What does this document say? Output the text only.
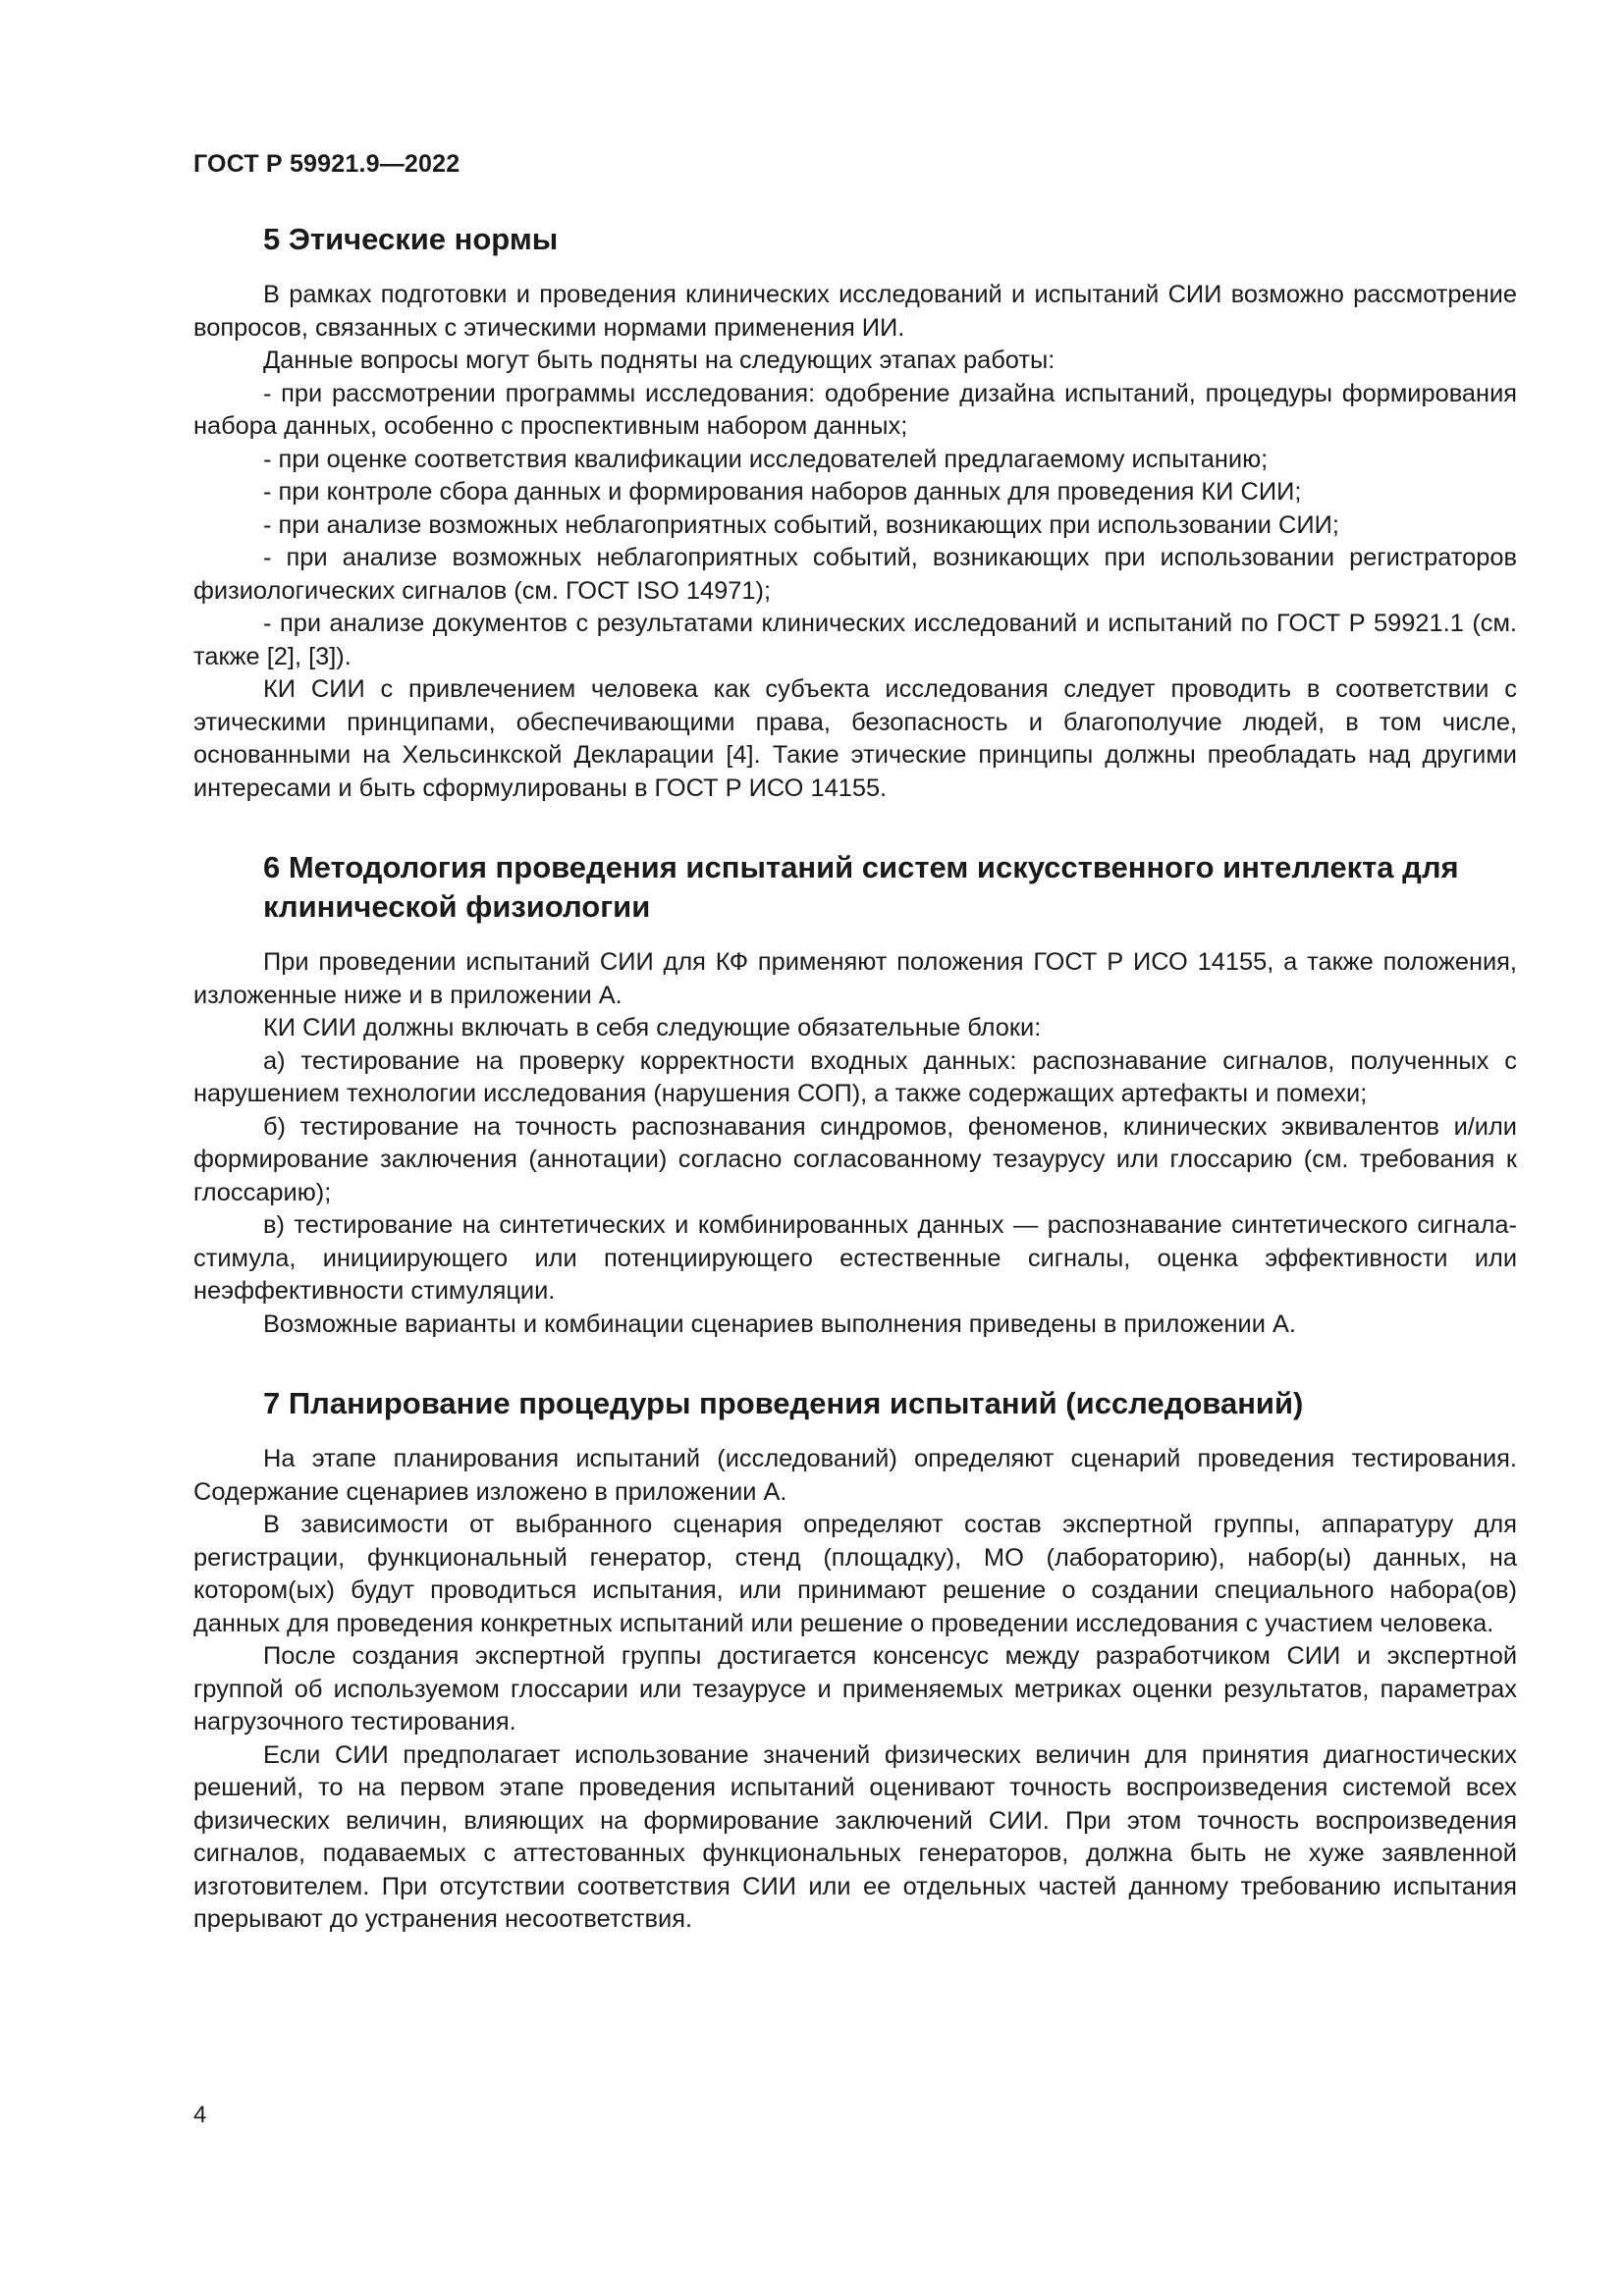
ГОСТ Р 59921.9—2022
5 Этические нормы

В рамках подготовки и проведения клинических исследований и испытаний СИИ возможно рассмотрение вопросов, связанных с этическими нормами применения ИИ.

Данные вопросы могут быть подняты на следующих этапах работы:

- при рассмотрении программы исследования: одобрение дизайна испытаний, процедуры формирования набора данных, особенно с проспективным набором данных;

- при оценке соответствия квалификации исследователей предлагаемому испытанию;

- при контроле сбора данных и формирования наборов данных для проведения КИ СИИ;

- при анализе возможных неблагоприятных событий, возникающих при использовании СИИ;

- при анализе возможных неблагоприятных событий, возникающих при использовании регистраторов физиологических сигналов (см. ГОСТ ISO 14971);

- при анализе документов с результатами клинических исследований и испытаний по ГОСТ Р 59921.1 (см. также [2], [3]).

КИ СИИ с привлечением человека как субъекта исследования следует проводить в соответствии с этическими принципами, обеспечивающими права, безопасность и благополучие людей, в том числе, основанными на Хельсинкской Декларации [4]. Такие этические принципы должны преобладать над другими интересами и быть сформулированы в ГОСТ Р ИСО 14155.

6 Методология проведения испытаний систем искусственного интеллекта для клинической физиологии

При проведении испытаний СИИ для КФ применяют положения ГОСТ Р ИСО 14155, а также положения, изложенные ниже и в приложении А.

КИ СИИ должны включать в себя следующие обязательные блоки:

а) тестирование на проверку корректности входных данных: распознавание сигналов, полученных с нарушением технологии исследования (нарушения СОП), а также содержащих артефакты и помехи;

б) тестирование на точность распознавания синдромов, феноменов, клинических эквивалентов и/или формирование заключения (аннотации) согласно согласованному тезаурусу или глоссарию (см. требования к глоссарию);

в) тестирование на синтетических и комбинированных данных — распознавание синтетического сигнала-стимула, инициирующего или потенциирующего естественные сигналы, оценка эффективности или неэффективности стимуляции.

Возможные варианты и комбинации сценариев выполнения приведены в приложении А.

7 Планирование процедуры проведения испытаний (исследований)

На этапе планирования испытаний (исследований) определяют сценарий проведения тестирования. Содержание сценариев изложено в приложении А.

В зависимости от выбранного сценария определяют состав экспертной группы, аппаратуру для регистрации, функциональный генератор, стенд (площадку), МО (лабораторию), набор(ы) данных, на котором(ых) будут проводиться испытания, или принимают решение о создании специального набора(ов) данных для проведения конкретных испытаний или решение о проведении исследования с участием человека.

После создания экспертной группы достигается консенсус между разработчиком СИИ и экспертной группой об используемом глоссарии или тезаурусе и применяемых метриках оценки результатов, параметрах нагрузочного тестирования.

Если СИИ предполагает использование значений физических величин для принятия диагностических решений, то на первом этапе проведения испытаний оценивают точность воспроизведения системой всех физических величин, влияющих на формирование заключений СИИ. При этом точность воспроизведения сигналов, подаваемых с аттестованных функциональных генераторов, должна быть не хуже заявленной изготовителем. При отсутствии соответствия СИИ или ее отдельных частей данному требованию испытания прерывают до устранения несоответствия.

4
